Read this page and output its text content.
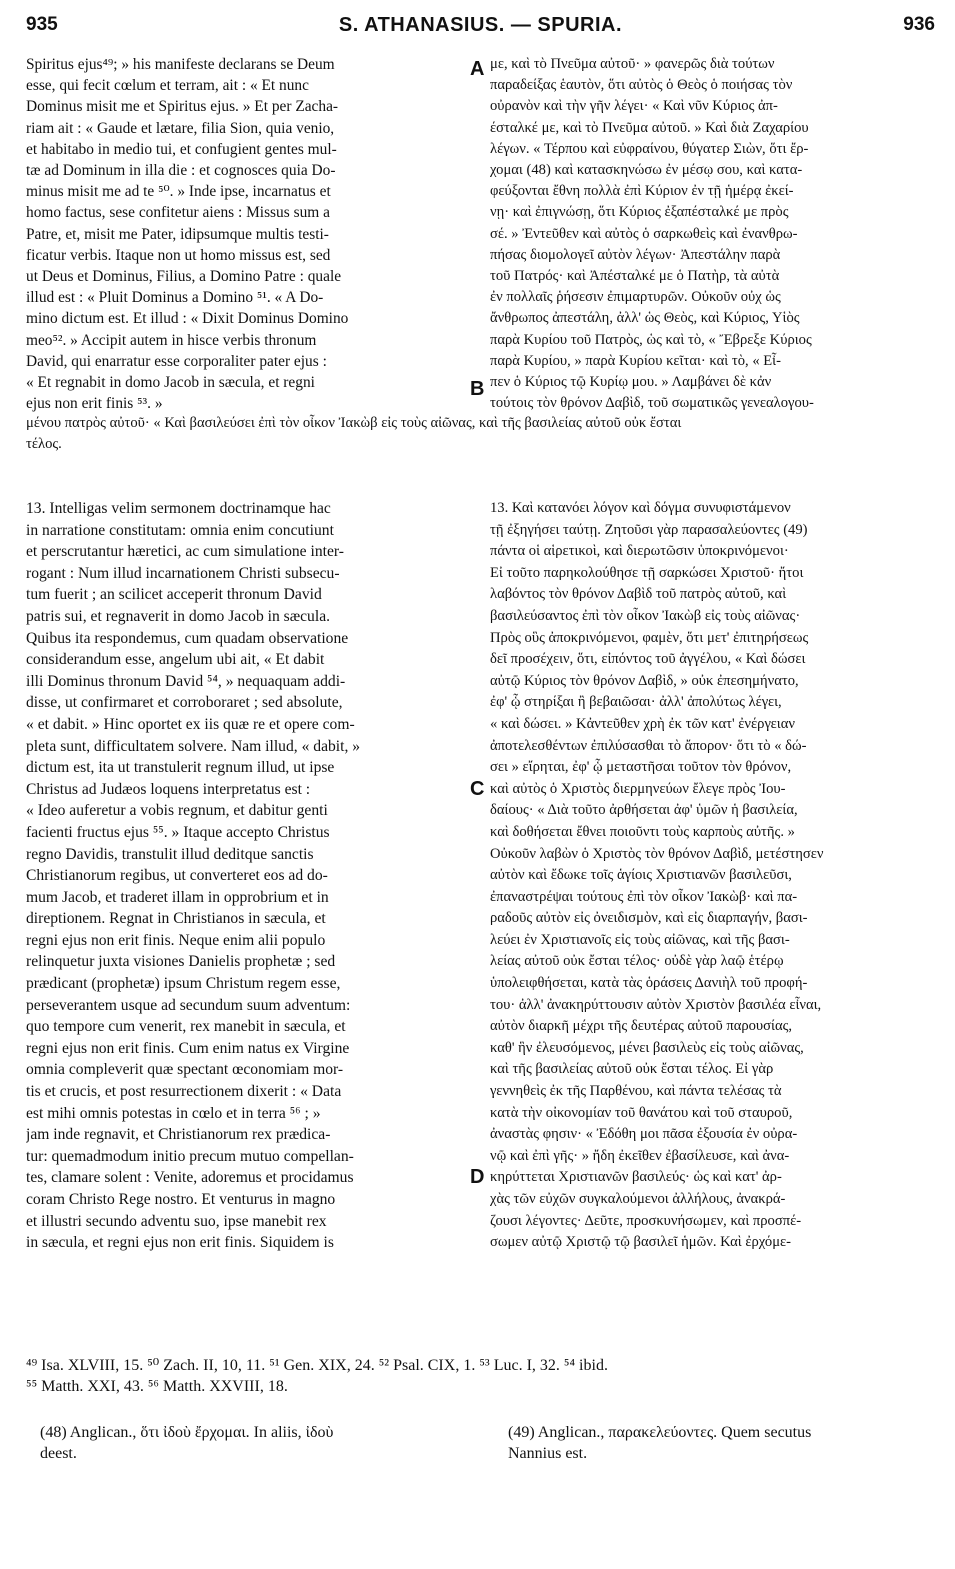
935	S. ATHANASIUS. — SPURIA.	936
Spiritus ejus⁴⁹; » his manifeste declarans se Deum
esse, qui fecit cœlum et terram, ait : « Et nunc
Dominus misit me et Spiritus ejus. » Et per Zacha-
riam ait : « Gaude et lætare, filia Sion, quia venio,
et habitabo in medio tui, et confugient gentes mul-
tæ ad Dominum in illa die : et cognosces quia Do-
minus misit me ad te ⁵⁰. » Inde ipse, incarnatus et
homo factus, sese confitetur aiens : Missus sum a
Patre, et, misit me Pater, idipsumque multis testi-
ficatur verbis. Itaque non ut homo missus est, sed
ut Deus et Dominus, Filius, a Domino Patre : quale
illud est : « Pluit Dominus a Domino ⁵¹. « A Do-
mino dictum est. Et illud : « Dixit Dominus Domino
meo⁵². » Accipit autem in hisce verbis thronum
David, qui enarratur esse corporaliter pater ejus :
« Et regnabit in domo Jacob in sæcula, et regni
ejus non erit finis ⁵³. »
με, καὶ τὸ Πνεῦμα αὐτοῦ· » φανερῶς διὰ τούτων
παραδείξας ἑαυτὸν, ὅτι αὐτὸς ὁ Θεὸς ὁ ποιήσας τὸν
οὐρανὸν καὶ τὴν γῆν λέγει· « Καὶ νῦν Κύριος ἀπ-
έσταλκέ με, καὶ τὸ Πνεῦμα αὐτοῦ. » Καὶ διὰ Ζαχαρίου
λέγων. « Τέρπου καὶ εὐφραίνου, θύγατερ Σιὼν, ὅτι ἔρ-
χομαι (48) καὶ κατασκηνώσω ἐν μέσῳ σου, καὶ κατα-
φεύξονται ἔθνη πολλὰ ἐπὶ Κύριον ἐν τῇ ἡμέρᾳ ἐκεί-
νῃ· καὶ ἐπιγνώσῃ, ὅτι Κύριος ἐξαπέσταλκέ με πρὸς
σέ. » Ἐντεῦθεν καὶ αὐτὸς ὁ σαρκωθεὶς καὶ ἐνανθρω-
πήσας διομολογεῖ αὐτὸν λέγων· Ἀπεστάλην παρὰ
τοῦ Πατρός· καὶ Ἀπέσταλκέ με ὁ Πατὴρ, τὰ αὐτὰ
ἐν πολλαῖς ῥήσεσιν ἐπιμαρτυρῶν. Οὐκοῦν οὐχ ὡς
ἄνθρωπος ἀπεστάλη, ἀλλ' ὡς Θεὸς, καὶ Κύριος, Υἱὸς
παρὰ Κυρίου τοῦ Πατρὸς, ὡς καὶ τὸ, « Ἔβρεξε Κύριος
παρὰ Κυρίου, » παρὰ Κυρίου κεῖται· καὶ τὸ, « Εἶ-
πεν ὁ Κύριος τῷ Κυρίῳ μου. » Λαμβάνει δὲ κἀν
τούτοις τὸν θρόνον Δαβὶδ, τοῦ σωματικῶς γενεαλογου-
μένου πατρὸς αὐτοῦ· « Καὶ βασιλεύσει ἐπὶ τὸν οἶκον Ἰακὼβ εἰς τοὺς αἰῶνας, καὶ τῆς βασιλείας αὐτοῦ οὐκ ἔσται
τέλος.
13. Intelligas velim sermonem doctrinamque hac
in narratione constitutam: omnia enim concutiunt
et perscrutantur hæretici, ac cum simulatione inter-
rogant : Num illud incarnationem Christi subsecu-
tum fuerit ; an scilicet acceperit thronum David
patris sui, et regnaverit in domo Jacob in sæcula.
Quibus ita respondemus, cum quadam observatione
considerandum esse, angelum ubi ait, « Et dabit
illi Dominus thronum David ⁵⁴, » nequaquam addi-
disse, ut confirmaret et corroboraret ; sed absolute,
« et dabit. » Hinc oportet ex iis quæ re et opere com-
pleta sunt, difficultatem solvere. Nam illud, « dabit, »
dictum est, ita ut transtulerit regnum illud, ut ipse
Christus ad Judæos loquens interpretatus est :
« Ideo auferetur a vobis regnum, et dabitur genti
facienti fructus ejus ⁵⁵. » Itaque accepto Christus
regno Davidis, transtulit illud deditque sanctis
Christianorum regibus, ut converteret eos ad do-
mum Jacob, et traderet illam in opprobrium et in
direptionem. Regnat in Christianos in sæcula, et
regni ejus non erit finis. Neque enim alii populo
relinquetur juxta visiones Danielis prophetæ ; sed
prædicant (prophetæ) ipsum Christum regem esse,
perseverantem usque ad secundum suum adventum:
quo tempore cum venerit, rex manebit in sæcula, et
regni ejus non erit finis. Cum enim natus ex Virgine
omnia compleverit quæ spectant œconomiam mor-
tis et crucis, et post resurrectionem dixerit : « Data
est mihi omnis potestas in cœlo et in terra ⁵⁶ ; »
jam inde regnavit, et Christianorum rex prædica-
tur: quemadmodum initio precum mutuo compellan-
tes, clamare solent : Venite, adoremus et procidamus
coram Christo Rege nostro. Et venturus in magno
et illustri secundo adventu suo, ipse manebit rex
in sæcula, et regni ejus non erit finis. Siquidem is
13. Καὶ κατανόει λόγον καὶ δόγμα συνυφιστάμενον
τῇ ἐξηγήσει ταύτῃ. Ζητοῦσι γὰρ παρασαλεύοντες (49)
πάντα οἱ αἱρετικοὶ, καὶ διερωτῶσιν ὑποκρινόμενοι·
Εἰ τοῦτο παρηκολούθησε τῇ σαρκώσει Χριστοῦ· ἤτοι
λαβόντος τὸν θρόνον Δαβὶδ τοῦ πατρὸς αὐτοῦ, καὶ
βασιλεύσαντος ἐπὶ τὸν οἶκον Ἰακὼβ εἰς τοὺς αἰῶνας·
Πρὸς οὓς ἀποκρινόμενοι, φαμὲν, ὅτι μετ' ἐπιτηρήσεως
δεῖ προσέχειν, ὅτι, εἰπόντος τοῦ ἀγγέλου, « Καὶ δώσει
αὐτῷ Κύριος τὸν θρόνον Δαβὶδ, » οὐκ ἐπεσημήνατο,
ἐφ' ᾧ στηρίξαι ἢ βεβαιῶσαι· ἀλλ' ἀπολύτως λέγει,
« καὶ δώσει. » Κἀντεῦθεν χρὴ ἐκ τῶν κατ' ἐνέργειαν
ἀποτελεσθέντων ἐπιλύσασθαι τὸ ἄπορον· ὅτι τὸ « δώ-
σει » εἴρηται, ἐφ' ᾧ μεταστῆσαι τοῦτον τὸν θρόνον,
καὶ αὐτὸς ὁ Χριστὸς διερμηνεύων ἔλεγε πρὸς Ἰου-
δαίους· « Διὰ τοῦτο ἀρθήσεται ἀφ' ὑμῶν ἡ βασιλεία,
καὶ δοθήσεται ἔθνει ποιοῦντι τοὺς καρποὺς αὐτῆς. »
Οὐκοῦν λαβὼν ὁ Χριστὸς τὸν θρόνον Δαβὶδ, μετέστησεν
αὐτὸν καὶ ἔδωκε τοῖς ἁγίοις Χριστιανῶν βασιλεῦσι,
ἐπαναστρέψαι τούτους ἐπὶ τὸν οἶκον Ἰακὼβ· καὶ πα-
ραδοῦς αὐτὸν εἰς ὀνειδισμὸν, καὶ εἰς διαρπαγήν, βασι-
λεύει ἐν Χριστιανοῖς εἰς τοὺς αἰῶνας, καὶ τῆς βασι-
λείας αὐτοῦ οὐκ ἔσται τέλος· οὐδὲ γὰρ λαῷ ἑτέρῳ
ὑπολειφθήσεται, κατὰ τὰς ὁράσεις Δανιὴλ τοῦ προφή-
του· ἀλλ' ἀνακηρύττουσιν αὐτὸν Χριστὸν βασιλέα εἶναι,
αὐτὸν διαρκῆ μέχρι τῆς δευτέρας αὐτοῦ παρουσίας,
καθ' ἣν ἐλευσόμενος, μένει βασιλεὺς εἰς τοὺς αἰῶνας,
καὶ τῆς βασιλείας αὐτοῦ οὐκ ἔσται τέλος. Εἰ γὰρ
γεννηθεὶς ἐκ τῆς Παρθένου, καὶ πάντα τελέσας τὰ
κατὰ τὴν οἰκονομίαν τοῦ θανάτου καὶ τοῦ σταυροῦ,
ἀναστὰς φησιν· « Ἐδόθη μοι πᾶσα ἐξουσία ἐν οὐρα-
νῷ καὶ ἐπὶ γῆς· » ἤδη ἐκεῖθεν ἐβασίλευσε, καὶ ἀνα-
κηρύττεται Χριστιανῶν βασιλεύς· ὡς καὶ κατ' ἀρ-
χὰς τῶν εὐχῶν συγκαλούμενοι ἀλλήλους, ἀνακρά-
ζουσι λέγοντες· Δεῦτε, προσκυνήσωμεν, καὶ προσπέ-
σωμεν αὐτῷ Χριστῷ τῷ βασιλεῖ ἡμῶν. Καὶ ἐρχόμε-
A
B
C
D
⁴⁹ Isa. XLVIII, 15. ⁵⁰ Zach. II, 10, 11. ⁵¹ Gen. XIX, 24. ⁵² Psal. CIX, 1. ⁵³ Luc. I, 32. ⁵⁴ ibid.
⁵⁵ Matth. XXI, 43. ⁵⁶ Matth. XXVIII, 18.
(48) Anglican., ὅτι ἰδοὺ ἔρχομαι. In aliis, ἰδοὺ
deest.
(49) Anglican., παρακελεύοντες. Quem secutus
Nannius est.
